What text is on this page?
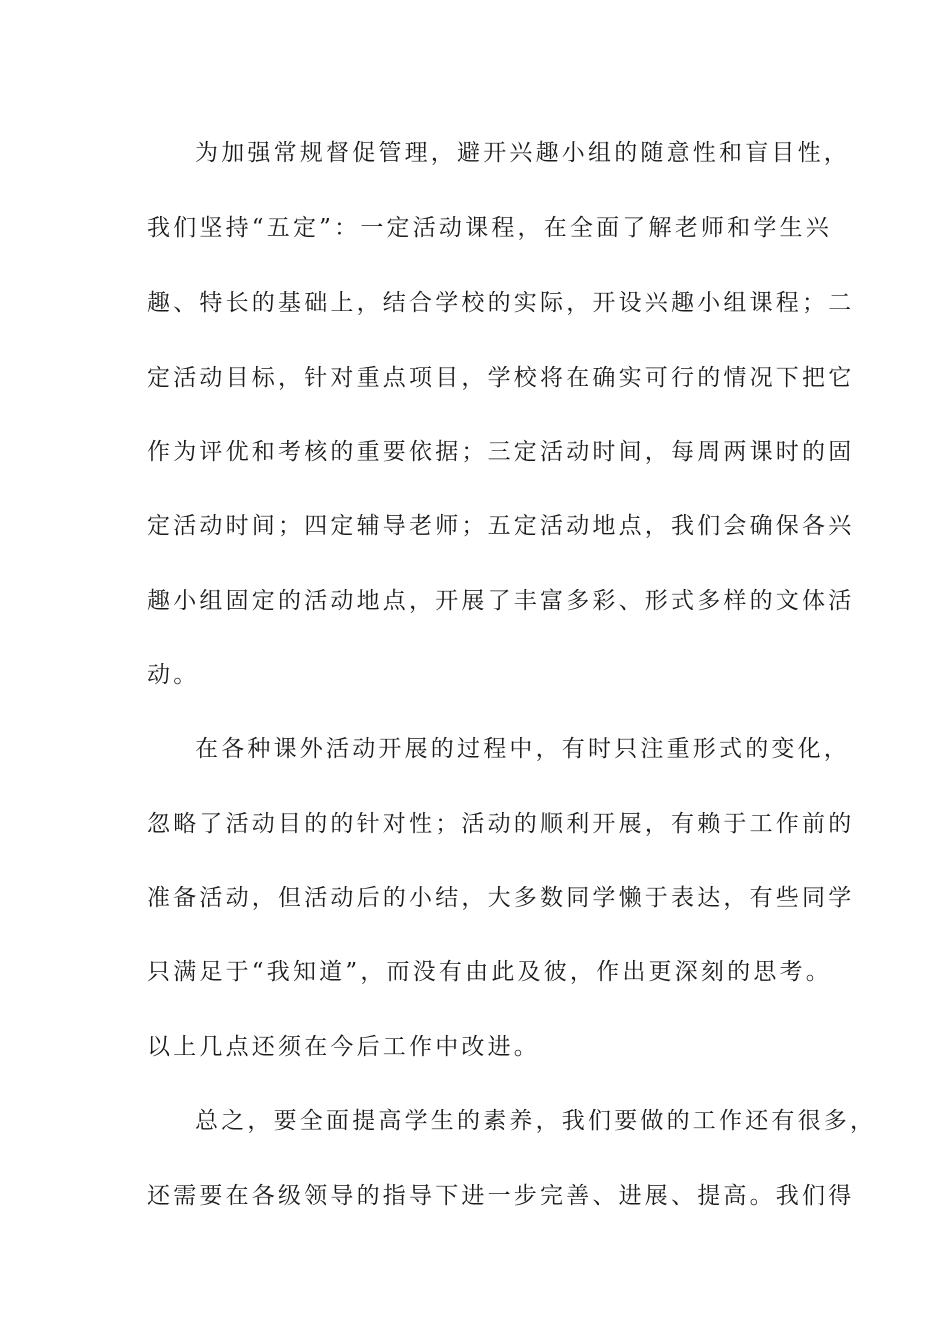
为加强常规督促管理，避开兴趣小组的随意性和盲目性，
我们坚持“五定”：一定活动课程，在全面了解老师和学生兴
趣、特长的基础上，结合学校的实际，开设兴趣小组课程；二
定活动目标，针对重点项目，学校将在确实可行的情况下把它
作为评优和考核的重要依据；三定活动时间，每周两课时的固
定活动时间；四定辅导老师；五定活动地点，我们会确保各兴
趣小组固定的活动地点，开展了丰富多彩、形式多样的文体活
动。
在各种课外活动开展的过程中，有时只注重形式的变化，
忽略了活动目的的针对性；活动的顺利开展，有赖于工作前的
准备活动，但活动后的小结，大多数同学懒于表达，有些同学
只满足于“我知道”，而没有由此及彼，作出更深刻的思考。
以上几点还须在今后工作中改进。
总之，要全面提高学生的素养，我们要做的工作还有很多，
还需要在各级领导的指导下进一步完善、进展、提高。我们得
